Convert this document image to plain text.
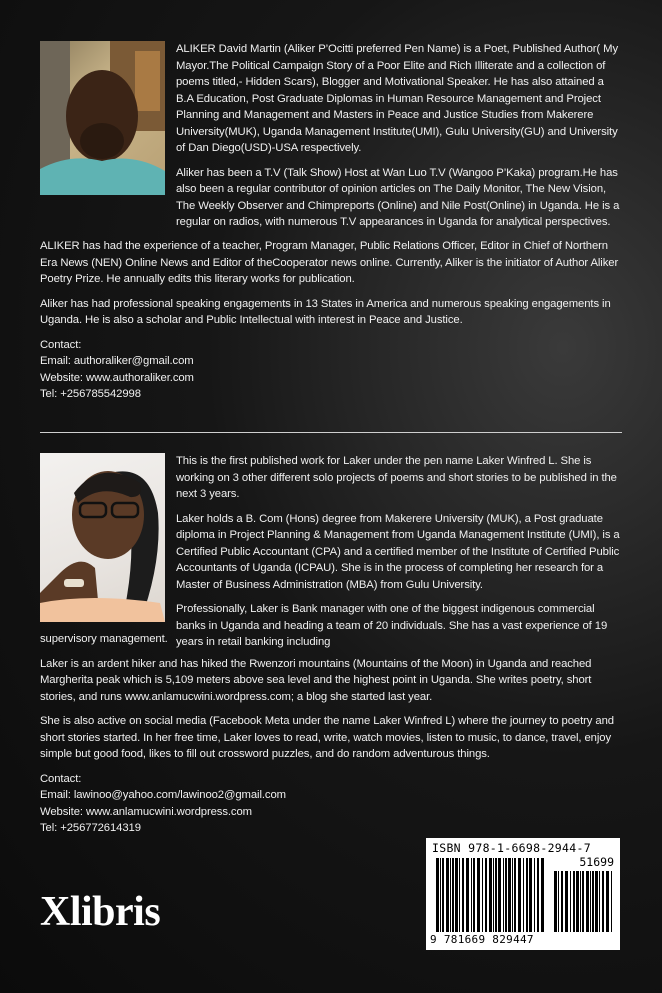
ALIKER David Martin (Aliker P’Ocitti preferred Pen Name) is a Poet, Published Author( My Mayor.The Political Campaign Story of a Poor Elite and Rich Illiterate and a collection of poems titled,- Hidden Scars), Blogger and Motivational Speaker. He has also attained a B.A Education, Post Graduate Diplomas in Human Resource Management and Project Planning and Management and Masters in Peace and Justice Studies from Makerere University(MUK), Uganda Management Institute(UMI), Gulu University(GU) and University of Dan Diego(USD)-USA respectively.

Aliker has been a T.V (Talk Show) Host at Wan Luo T.V (Wangoo P’Kaka) program.He has also been a regular contributor of opinion articles on The Daily Monitor, The New Vision, The Weekly Observer and Chimpreports (Online) and Nile Post(Online) in Uganda. He is a regular on radios, with numerous T.V appearances in Uganda for analytical perspectives.

ALIKER has had the experience of a teacher, Program Manager, Public Relations Officer, Editor in Chief of Northern Era News (NEN) Online News and Editor of theCooperator news online. Currently, Aliker is the initiator of Author Aliker Poetry Prize. He annually edits this literary works for publication.

Aliker has had professional speaking engagements in 13 States in America and numerous speaking engagements in Uganda. He is also a scholar and Public Intellectual with interest in Peace and Justice.

Contact:

Email: authoraliker@gmail.com

Website: www.authoraliker.com

Tel: +256785542998

This is the first published work for Laker under the pen name Laker Winfred L. She is working on 3 other different solo projects of poems and short stories to be published in the next 3 years.

Laker holds a B. Com (Hons) degree from Makerere University (MUK), a Post graduate diploma in Project Planning & Management from Uganda Management Institute (UMI), is a Certified Public Accountant (CPA) and a certified member of the Institute of Certified Public Accountants of Uganda (ICPAU). She is in the process of completing her research for a Master of Business Administration (MBA) from Gulu University.

Professionally, Laker is Bank manager with one of the biggest indigenous commercial banks in Uganda and heading a team of 20 individuals. She has a vast experience of 19 years in retail banking including

supervisory management.

Laker is an ardent hiker and has hiked the Rwenzori mountains (Mountains of the Moon) in Uganda and reached Margherita peak which is 5,109 meters above sea level and the highest point in Uganda. She writes poetry, short stories, and runs www.anlamucwini.wordpress.com; a blog she started last year.

She is also active on social media (Facebook Meta under the name Laker Winfred L) where the journey to poetry and short stories started. In her free time, Laker loves to read, write, watch movies, listen to music, to dance, travel, enjoy simple but good food, likes to fill out crossword puzzles, and do random adventurous things.

Contact:

Email: lawinoo@yahoo.com/lawinoo2@gmail.com

Website: www.anlamucwini.wordpress.com

Tel: +256772614319

Xlibris
ISBN 978-1-6698-2944-7
51699
9 781669 829447
